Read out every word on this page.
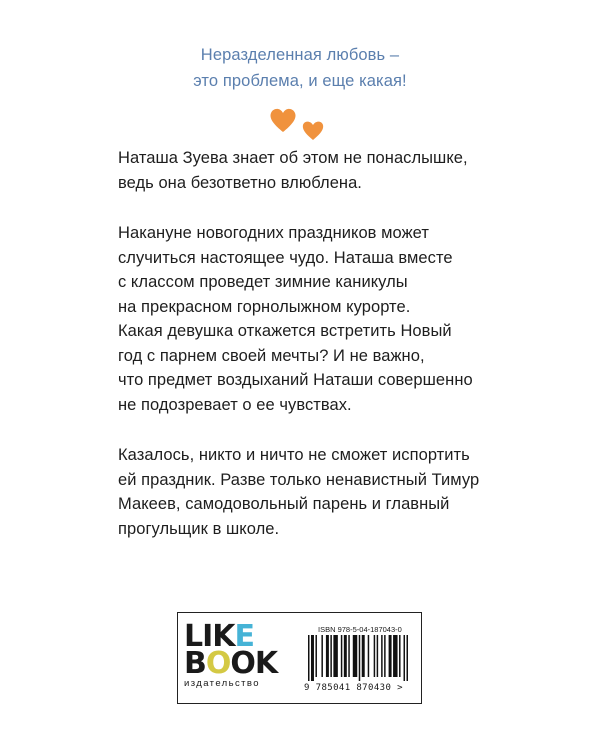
Неразделенная любовь –
это проблема, и еще какая!
Наташа Зуева знает об этом не понаслышке,
ведь она безответно влюблена.
Накануне новогодних праздников может
случиться настоящее чудо. Наташа вместе
с классом проведет зимние каникулы
на прекрасном горнолыжном курорте.
Какая девушка откажется встретить Новый
год с парнем своей мечты? И не важно,
что предмет воздыханий Наташи совершенно
не подозревает о ее чувствах.
Казалось, никто и ничто не сможет испортить
ей праздник. Разве только ненавистный Тимур
Макеев, самодовольный парень и главный
прогульщик в школе.
LIKE
BOOK
издательство
ISBN 978-5-04-187043-0
9 785041 870430 >
